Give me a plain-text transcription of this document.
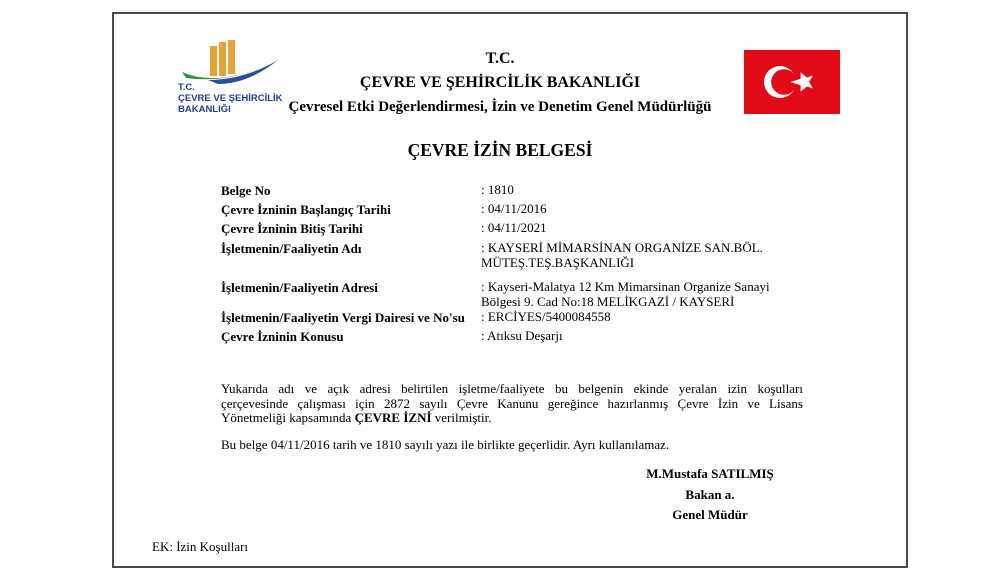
T.C.
ÇEVRE VE ŞEHİRCİLİK
BAKANLIĞI
T.C.
ÇEVRE VE ŞEHİRCİLİK BAKANLIĞI
Çevresel Etki Değerlendirmesi, İzin ve Denetim Genel Müdürlüğü
ÇEVRE İZİN BELGESİ
Belge No	: 1810
Çevre İzninin Başlangıç Tarihi	: 04/11/2016
Çevre İzninin Bitiş Tarihi	: 04/11/2021
İşletmenin/Faaliyetin Adı	: KAYSERİ MİMARSİNAN ORGANİZE SAN.BÖL.
MÜTEŞ.TEŞ.BAŞKANLIĞI
İşletmenin/Faaliyetin Adresi	: Kayseri-Malatya 12 Km Mimarsinan Organize Sanayi
Bölgesi 9. Cad No:18 MELİKGAZİ / KAYSERİ
İşletmenin/Faaliyetin Vergi Dairesi ve No'su : ERCİYES/5400084558
Çevre İzninin Konusu	: Atıksu Deşarjı
Yukarıda adı ve açık adresi belirtilen işletme/faaliyete bu belgenin ekinde yeralan izin koşulları
çerçevesinde çalışması için 2872 sayılı Çevre Kanunu gereğince hazırlanmış Çevre İzin ve Lisans
Yönetmeliği kapsamında ÇEVRE İZNİ verilmiştir.
Bu belge 04/11/2016 tarih ve 1810 sayılı yazı ile birlikte geçerlidir. Ayrı kullanılamaz.
M.Mustafa SATILMIŞ
Bakan a.
Genel Müdür
EK: İzin Koşulları
